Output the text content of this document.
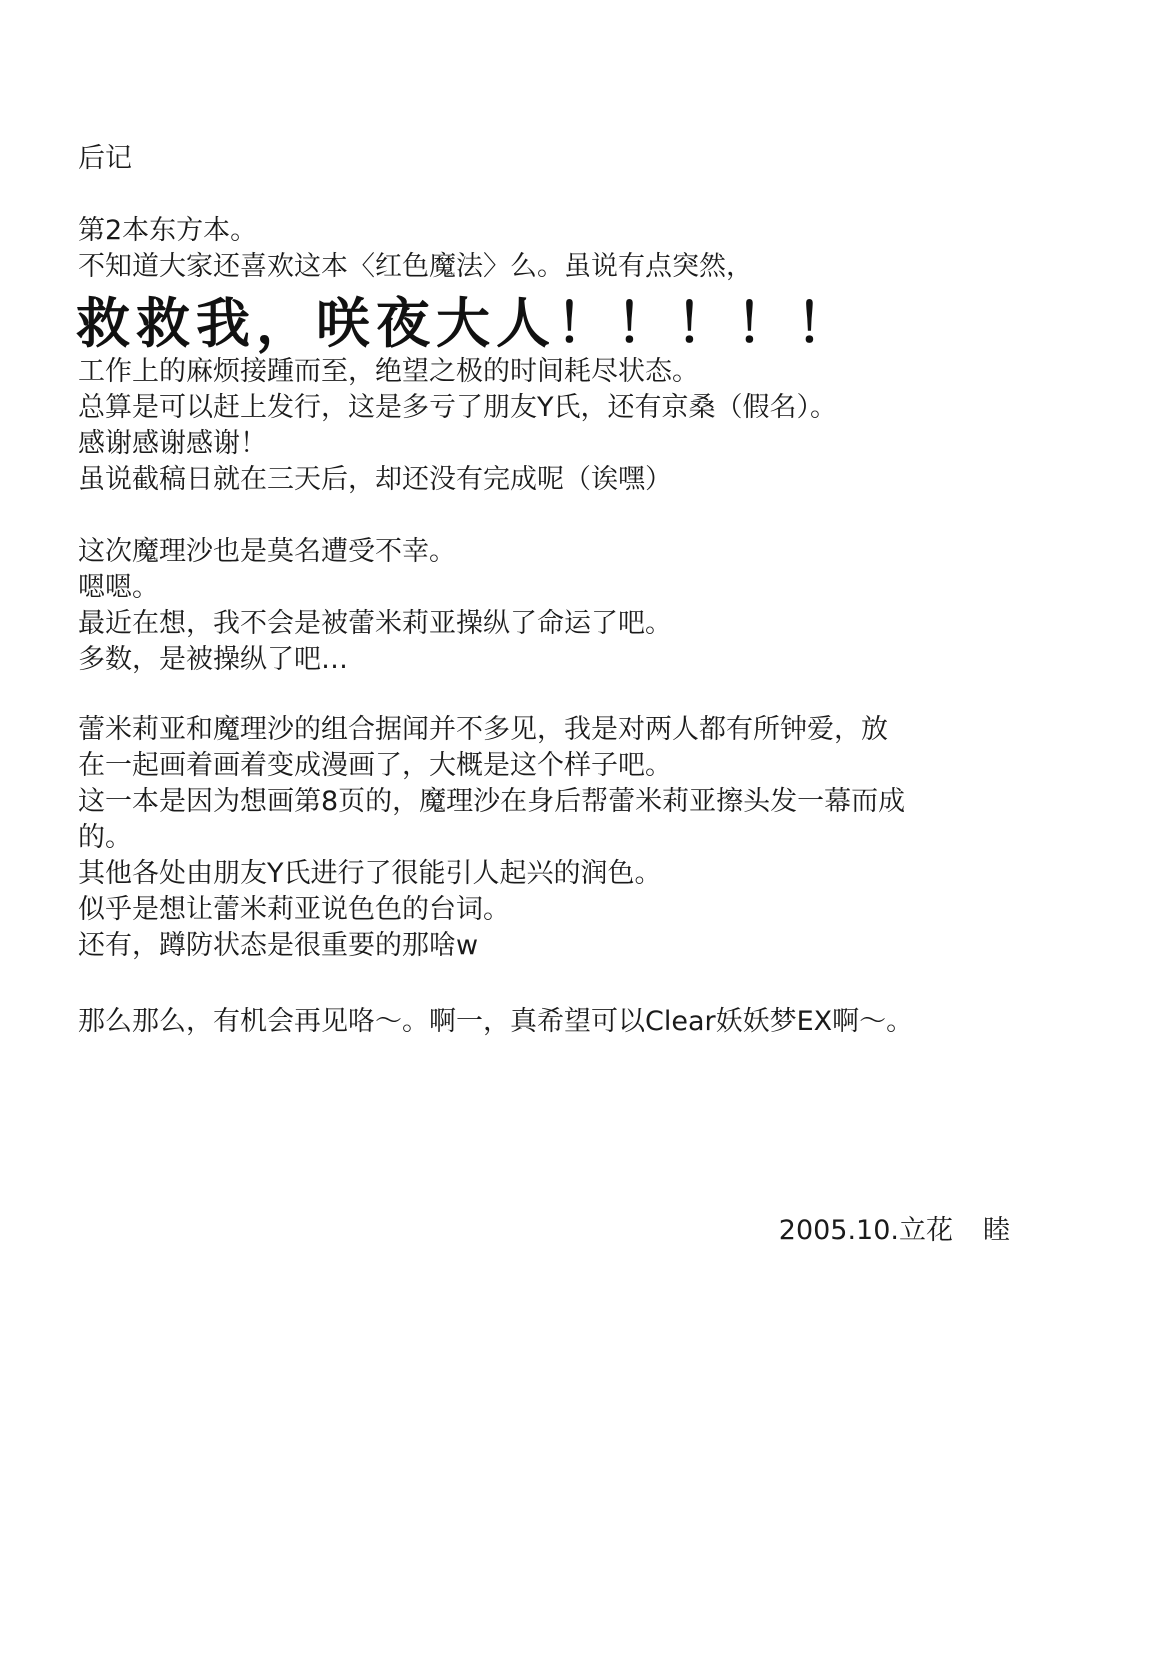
后记
第2本东方本。
不知道大家还喜欢这本〈红色魔法〉么。虽说有点突然，
救救我，咲夜大人！！！！！
工作上的麻烦接踵而至，绝望之极的时间耗尽状态。
总算是可以赶上发行，这是多亏了朋友Y氏，还有京桑（假名）。
感谢感谢感谢！
虽说截稿日就在三天后，却还没有完成呢（诶嘿）
这次魔理沙也是莫名遭受不幸。
嗯嗯。
最近在想，我不会是被蕾米莉亚操纵了命运了吧。
多数，是被操纵了吧…
蕾米莉亚和魔理沙的组合据闻并不多见，我是对两人都有所钟爱，放
在一起画着画着变成漫画了，大概是这个样子吧。
这一本是因为想画第8页的，魔理沙在身后帮蕾米莉亚擦头发一幕而成
的。
其他各处由朋友Y氏进行了很能引人起兴的润色。
似乎是想让蕾米莉亚说色色的台词。
还有，蹲防状态是很重要的那啥w
那么那么，有机会再见咯～。啊一，真希望可以Clear妖妖梦EX啊～。
2005.10.立花 睦
